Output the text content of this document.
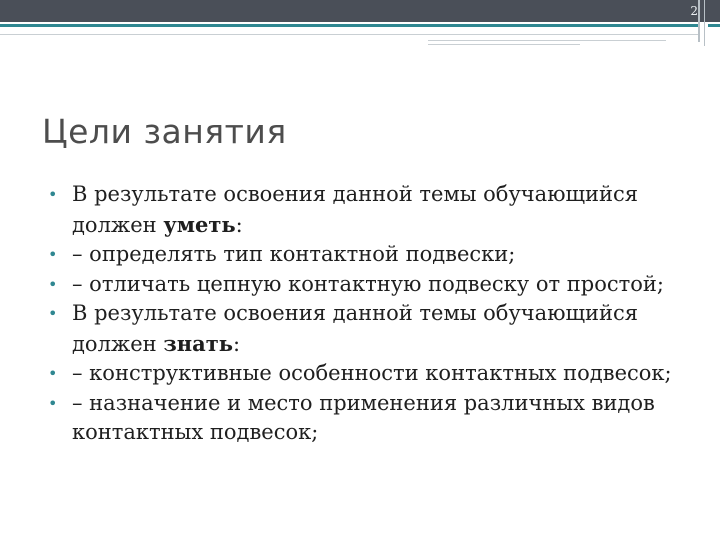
2
Цели занятия
• В результате освоения данной темы обучающийся должен уметь:
• – определять тип контактной подвески;
• – отличать цепную контактную подвеску от простой;
• В результате освоения данной темы обучающийся должен знать:
• – конструктивные особенности контактных подвесок;
• – назначение и место применения различных видов контактных подвесок;
